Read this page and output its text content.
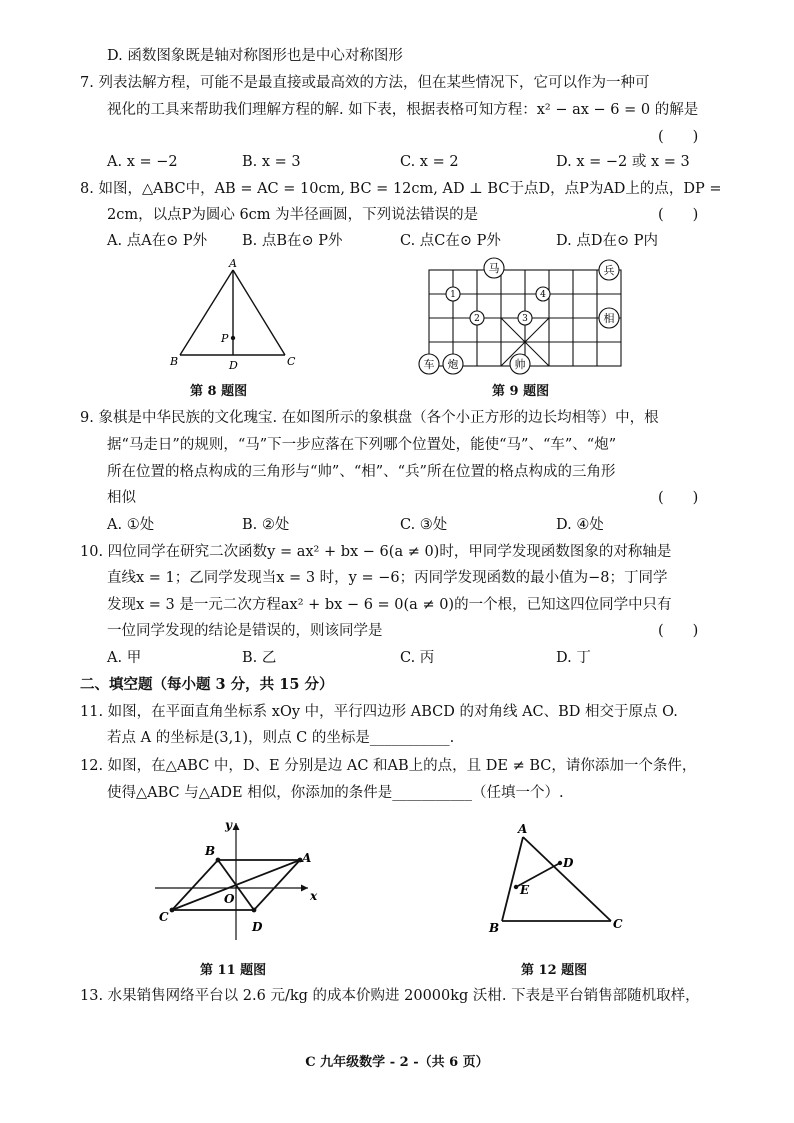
D. 函数图象既是轴对称图形也是中心对称图形
7. 列表法解方程，可能不是最直接或最高效的方法，但在某些情况下，它可以作为一种可
视化的工具来帮助我们理解方程的解. 如下表，根据表格可知方程：x² − ax − 6 = 0 的解是
(　　)
A. x = −2	B. x = 3	C. x = 2	D. x = −2 或 x = 3
8. 如图，△ABC中，AB = AC = 10cm, BC = 12cm, AD ⊥ BC于点D，点P为AD上的点，DP =
2cm，以点P为圆心 6cm 为半径画圆，下列说法错误的是	(　　)
A. 点A在⊙ P外 B. 点B在⊙ P外	C. 点C在⊙ P外	D. 点D在⊙ P内
A
B	C
D
P
第 8 题图
马	兵
相
车 炮	帅
1
2	3
4
第 9 题图
9. 象棋是中华民族的文化瑰宝. 在如图所示的象棋盘（各个小正方形的边长均相等）中，根
据“马走日”的规则，“马”下一步应落在下列哪个位置处，能使“马”、“车”、“炮”
所在位置的格点构成的三角形与“帅”、“相”、“兵”所在位置的格点构成的三角形
相似	(　　)
A. ①处	B. ②处	C. ③处	D. ④处
10. 四位同学在研究二次函数y = ax² + bx − 6(a ≠ 0)时，甲同学发现函数图象的对称轴是
直线x = 1；乙同学发现当x = 3 时，y = −6；丙同学发现函数的最小值为−8；丁同学
发现x = 3 是一元二次方程ax² + bx − 6 = 0(a ≠ 0)的一个根，已知这四位同学中只有
一位同学发现的结论是错误的，则该同学是	(　　)
A. 甲	B. 乙	C. 丙	D. 丁
二、填空题（每小题 3 分，共 15 分）
11. 如图，在平面直角坐标系 xOy 中，平行四边形 ABCD 的对角线 AC、BD 相交于原点 O.
若点 A 的坐标是(3,1)，则点 C 的坐标是___________.
12. 如图，在△ABC 中，D、E 分别是边 AC 和AB上的点，且 DE ≠ BC，请你添加一个条件，
使得△ABC 与△ADE 相似，你添加的条件是___________（任填一个）.
A
B
C
D
O	x
y
第 11 题图
A
B	C
D
E
第 12 题图
13. 水果销售网络平台以 2.6 元/kg 的成本价购进 20000kg 沃柑. 下表是平台销售部随机取样，
C 九年级数学 - 2 -（共 6 页）
